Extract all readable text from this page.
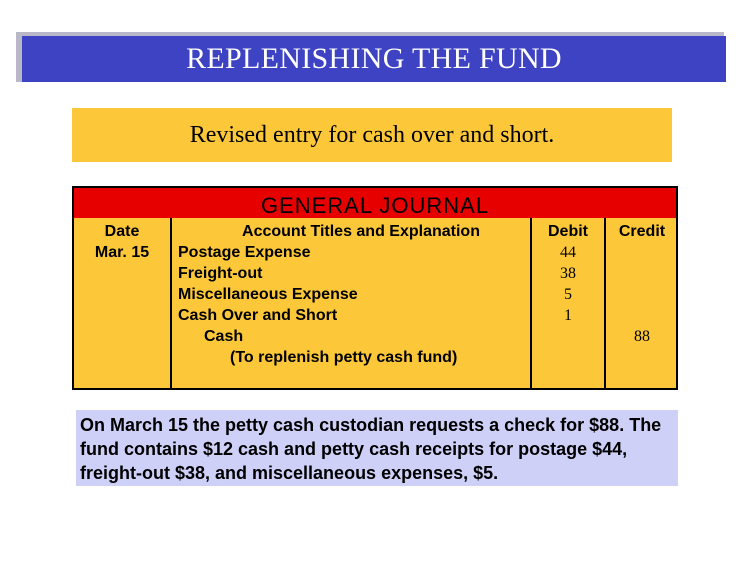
REPLENISHING THE FUND
Revised entry for cash over and short.
GENERAL JOURNAL
Date
Mar. 15
Account Titles and Explanation
Postage Expense
Freight-out
Miscellaneous Expense
Cash Over and Short
Cash
(To replenish petty cash fund)
Debit
44
38
5
1
Credit
88
On March 15 the petty cash custodian requests a check for $88. The fund contains $12 cash and petty cash receipts for postage $44, freight-out $38, and miscellaneous expenses, $5.
